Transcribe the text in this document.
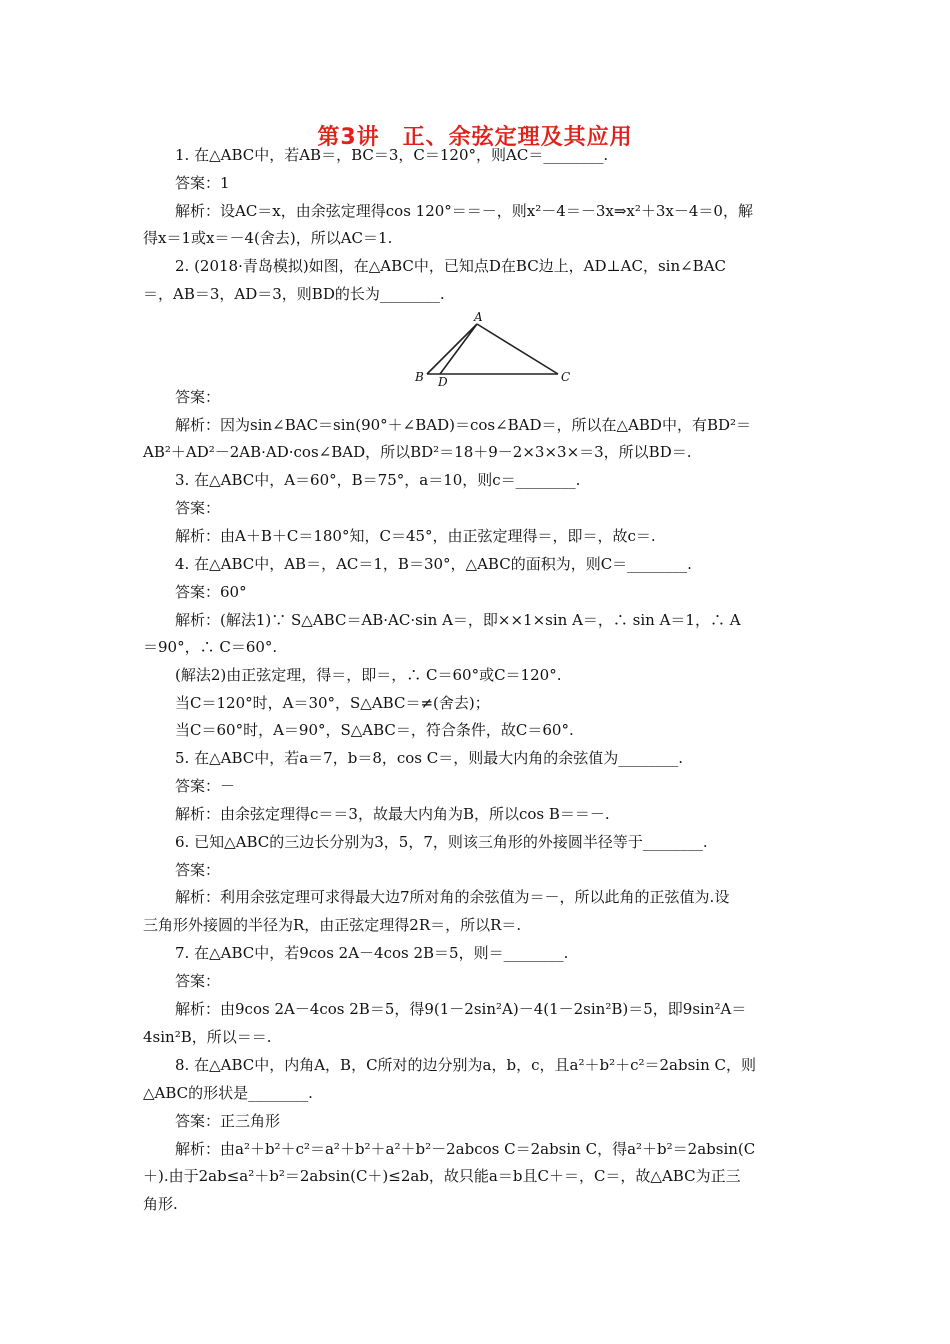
第3讲　正、余弦定理及其应用
1. 在△ABC中，若AB＝，BC＝3，C＝120°，则AC＝________.
答案：1
解析：设AC＝x，由余弦定理得cos 120°＝＝－，则x²－4＝－3x⇒x²＋3x－4＝0，解
得x＝1或x＝－4(舍去)，所以AC＝1.
2. (2018·青岛模拟)如图，在△ABC中，已知点D在BC边上，AD⊥AC，sin∠BAC
＝，AB＝3，AD＝3，则BD的长为________.
A
B	C
D
答案：
解析：因为sin∠BAC＝sin(90°＋∠BAD)＝cos∠BAD＝，所以在△ABD中，有BD²＝
AB²＋AD²－2AB·AD·cos∠BAD，所以BD²＝18＋9－2×3×3×＝3，所以BD＝.
3. 在△ABC中，A＝60°，B＝75°，a＝10，则c＝________.
答案：
解析：由A＋B＋C＝180°知，C＝45°，由正弦定理得＝，即＝，故c＝.
4. 在△ABC中，AB＝，AC＝1，B＝30°，△ABC的面积为，则C＝________.
答案：60°
解析：(解法1)∵ S△ABC＝AB·AC·sin A＝，即××1×sin A＝，∴ sin A＝1，∴ A
＝90°，∴ C＝60°.
(解法2)由正弦定理，得＝，即＝，∴ C＝60°或C＝120°.
当C＝120°时，A＝30°，S△ABC＝≠(舍去)；
当C＝60°时，A＝90°，S△ABC＝，符合条件，故C＝60°.
5. 在△ABC中，若a＝7，b＝8，cos C＝，则最大内角的余弦值为________.
答案：－
解析：由余弦定理得c＝＝3，故最大内角为B，所以cos B＝＝－.
6. 已知△ABC的三边长分别为3，5，7，则该三角形的外接圆半径等于________.
答案：
解析：利用余弦定理可求得最大边7所对角的余弦值为＝－，所以此角的正弦值为.设
三角形外接圆的半径为R，由正弦定理得2R＝，所以R＝.
7. 在△ABC中，若9cos 2A－4cos 2B＝5，则＝________.
答案：
解析：由9cos 2A－4cos 2B＝5，得9(1－2sin²A)－4(1－2sin²B)＝5，即9sin²A＝
4sin²B，所以＝＝.
8. 在△ABC中，内角A，B，C所对的边分别为a，b，c，且a²＋b²＋c²＝2absin C，则
△ABC的形状是________.
答案：正三角形
解析：由a²＋b²＋c²＝a²＋b²＋a²＋b²－2abcos C＝2absin C，得a²＋b²＝2absin(C
＋).由于2ab≤a²＋b²＝2absin(C＋)≤2ab，故只能a＝b且C＋＝，C＝，故△ABC为正三
角形.
